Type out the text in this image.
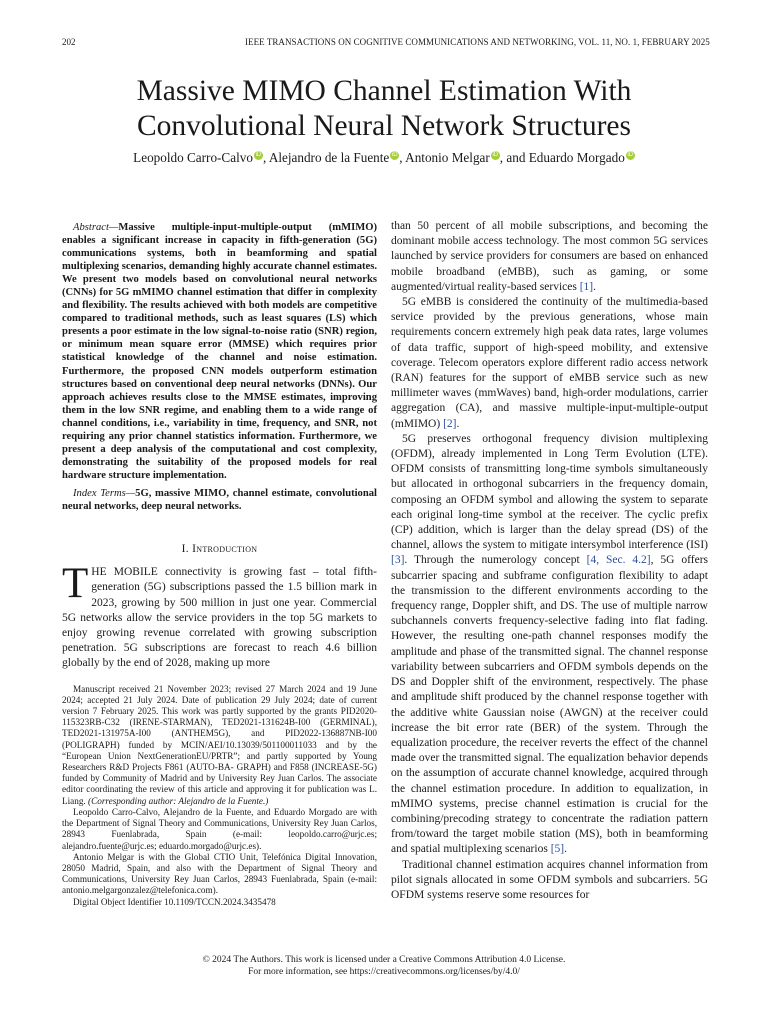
202	IEEE TRANSACTIONS ON COGNITIVE COMMUNICATIONS AND NETWORKING, VOL. 11, NO. 1, FEBRUARY 2025
Massive MIMO Channel Estimation With
Convolutional Neural Network Structures
Leopoldo Carro-Calvo iD , Alejandro de la Fuente iD , Antonio Melgar iD , and Eduardo Morgado iD

Abstract—Massive multiple-input-multiple-output (mMIMO) enables a significant increase in capacity in fifth-generation (5G) communications systems, both in beamforming and spatial multiplexing scenarios, demanding highly accurate channel estimates. We present two models based on convolutional neural networks (CNNs) for 5G mMIMO channel estimation that differ in complexity and flexibility. The results achieved with both models are competitive compared to traditional methods, such as least squares (LS) which presents a poor estimate in the low signal-to-noise ratio (SNR) region, or minimum mean square error (MMSE) which requires prior statistical knowledge of the channel and noise estimation. Furthermore, the proposed CNN models outperform estimation structures based on conventional deep neural networks (DNNs). Our approach achieves results close to the MMSE estimates, improving them in the low SNR regime, and enabling them to a wide range of channel conditions, i.e., variability in time, frequency, and SNR, not requiring any prior channel statistics information. Furthermore, we present a deep analysis of the computational and cost complexity, demonstrating the suitability of the proposed models for real hardware structure implementation.

Index Terms—5G, massive MIMO, channel estimate, convolutional neural networks, deep neural networks.

I. Introduction

THE MOBILE connectivity is growing fast – total fifth-generation (5G) subscriptions passed the 1.5 billion mark in 2023, growing by 500 million in just one year. Commercial 5G networks allow the service providers in the top 5G markets to enjoy growing revenue correlated with growing subscription penetration. 5G subscriptions are forecast to reach 4.6 billion globally by the end of 2028, making up more

Manuscript received 21 November 2023; revised 27 March 2024 and 19 June 2024; accepted 21 July 2024. Date of publication 29 July 2024; date of current version 7 February 2025. This work was partly supported by the grants PID2020-115323RB-C32 (IRENE-STARMAN), TED2021-131624B-I00 (GERMINAL), TED2021-131975A-I00 (ANTHEM5G), and PID2022-136887NB-I00 (POLIGRAPH) funded by MCIN/AEI/10.13039/501100011033 and by the “European Union NextGenerationEU/PRTR”; and partly supported by Young Researchers R&D Projects F861 (AUTO-BA- GRAPH) and F858 (INCREASE-5G) funded by Community of Madrid and by University Rey Juan Carlos. The associate editor coordinating the review of this article and approving it for publication was L. Liang. (Corresponding author: Alejandro de la Fuente.)

Leopoldo Carro-Calvo, Alejandro de la Fuente, and Eduardo Morgado are with the Department of Signal Theory and Communications, University Rey Juan Carlos, 28943 Fuenlabrada, Spain (e-mail: leopoldo.carro@urjc.es; alejandro.fuente@urjc.es; eduardo.morgado@urjc.es).

Antonio Melgar is with the Global CTIO Unit, Telefónica Digital Innovation, 28050 Madrid, Spain, and also with the Department of Signal Theory and Communications, University Rey Juan Carlos, 28943 Fuenlabrada, Spain (e-mail: antonio.melgargonzalez@telefonica.com).

Digital Object Identifier 10.1109/TCCN.2024.3435478

than 50 percent of all mobile subscriptions, and becoming the dominant mobile access technology. The most common 5G services launched by service providers for consumers are based on enhanced mobile broadband (eMBB), such as gaming, or some augmented/virtual reality-based services [1].

5G eMBB is considered the continuity of the multimedia-based service provided by the previous generations, whose main requirements concern extremely high peak data rates, large volumes of data traffic, support of high-speed mobility, and extensive coverage. Telecom operators explore different radio access network (RAN) features for the support of eMBB service such as new millimeter waves (mmWaves) band, high-order modulations, carrier aggregation (CA), and massive multiple-input-multiple-output (mMIMO) [2].

5G preserves orthogonal frequency division multiplexing (OFDM), already implemented in Long Term Evolution (LTE). OFDM consists of transmitting long-time symbols simultaneously but allocated in orthogonal subcarriers in the frequency domain, composing an OFDM symbol and allowing the system to separate each original long-time symbol at the receiver. The cyclic prefix (CP) addition, which is larger than the delay spread (DS) of the channel, allows the system to mitigate intersymbol interference (ISI) [3]. Through the numerology concept [4, Sec. 4.2], 5G offers subcarrier spacing and subframe configuration flexibility to adapt the transmission to the different environments according to the frequency range, Doppler shift, and DS. The use of multiple narrow subchannels converts frequency-selective fading into flat fading. However, the resulting one-path channel responses modify the amplitude and phase of the transmitted signal. The channel response variability between subcarriers and OFDM symbols depends on the DS and Doppler shift of the environment, respectively. The phase and amplitude shift produced by the channel response together with the additive white Gaussian noise (AWGN) at the receiver could increase the bit error rate (BER) of the system. Through the equalization procedure, the receiver reverts the effect of the channel made over the transmitted signal. The equalization behavior depends on the assumption of accurate channel knowledge, acquired through the channel estimation procedure. In addition to equalization, in mMIMO systems, precise channel estimation is crucial for the combining/precoding strategy to concentrate the radiation pattern from/toward the target mobile station (MS), both in beamforming and spatial multiplexing scenarios [5].

Traditional channel estimation acquires channel information from pilot signals allocated in some OFDM symbols and subcarriers. 5G OFDM systems reserve some resources for

© 2024 The Authors. This work is licensed under a Creative Commons Attribution 4.0 License.
For more information, see https://creativecommons.org/licenses/by/4.0/
